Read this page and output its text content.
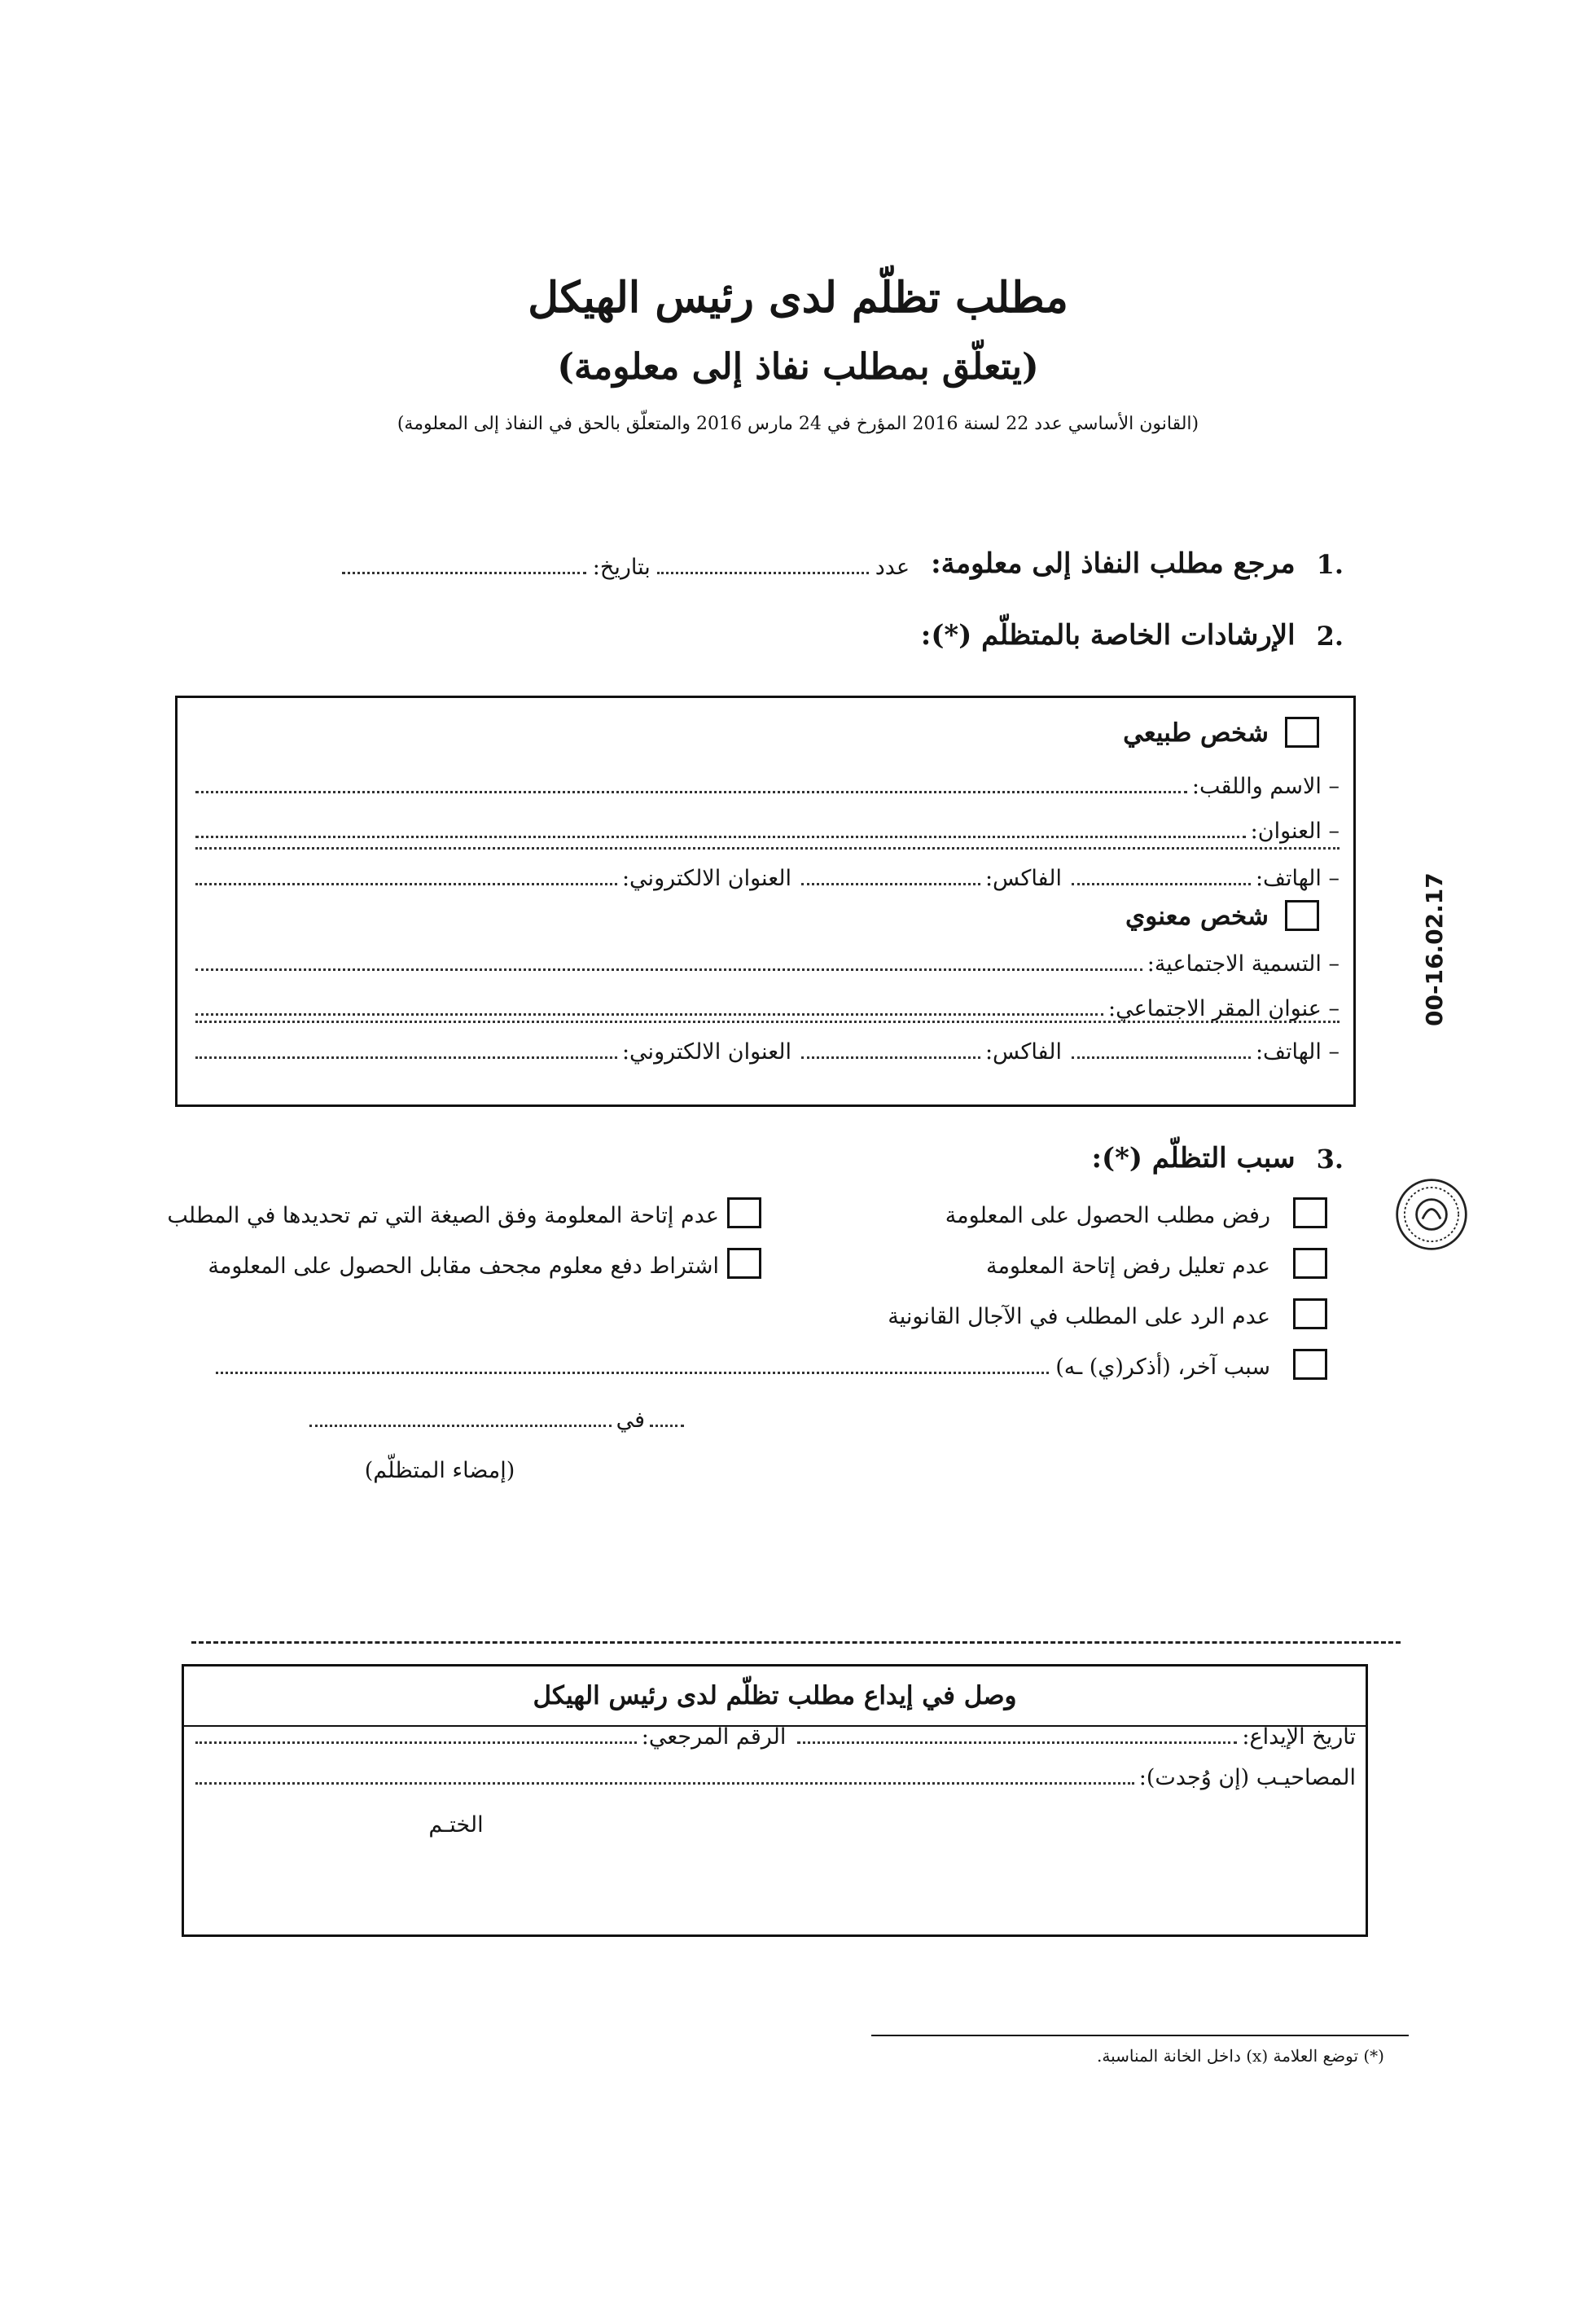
مطلب تظلّم لدى رئيس الهيكل
(يتعلّق بمطلب نفاذ إلى معلومة)
(القانون الأساسي عدد 22 لسنة 2016 المؤرخ في 24 مارس 2016 والمتعلّق بالحق في النفاذ إلى المعلومة)
1.
مرجع مطلب النفاذ إلى معلومة:
عدد
بتاريخ:
2.
الإرشادات الخاصة بالمتظلّم (*):
شخص طبيعي
– الاسم واللقب:
– العنوان:
– الهاتف:
الفاكس:
العنوان الالكتروني:
شخص معنوي
– التسمية الاجتماعية:
– عنوان المقر الاجتماعي:
– الهاتف:
الفاكس:
العنوان الالكتروني:
00-16.02.17
3.
سبب التظلّم (*):
رفض مطلب الحصول على المعلومة
عدم تعليل رفض إتاحة المعلومة
عدم الرد على المطلب في الآجال القانونية
سبب آخر، (أذكر(ي) ـه)
عدم إتاحة المعلومة وفق الصيغة التي تم تحديدها في المطلب
اشتراط دفع معلوم مجحف مقابل الحصول على المعلومة
في
(إمضاء المتظلّم)
وصل في إيداع مطلب تظلّم لدى رئيس الهيكل
تاريخ الإيداع:
الرقم المرجعي:
المصاحيـب (إن وُجدت):
الختـم
(*) توضع العلامة (x) داخل الخانة المناسبة.
